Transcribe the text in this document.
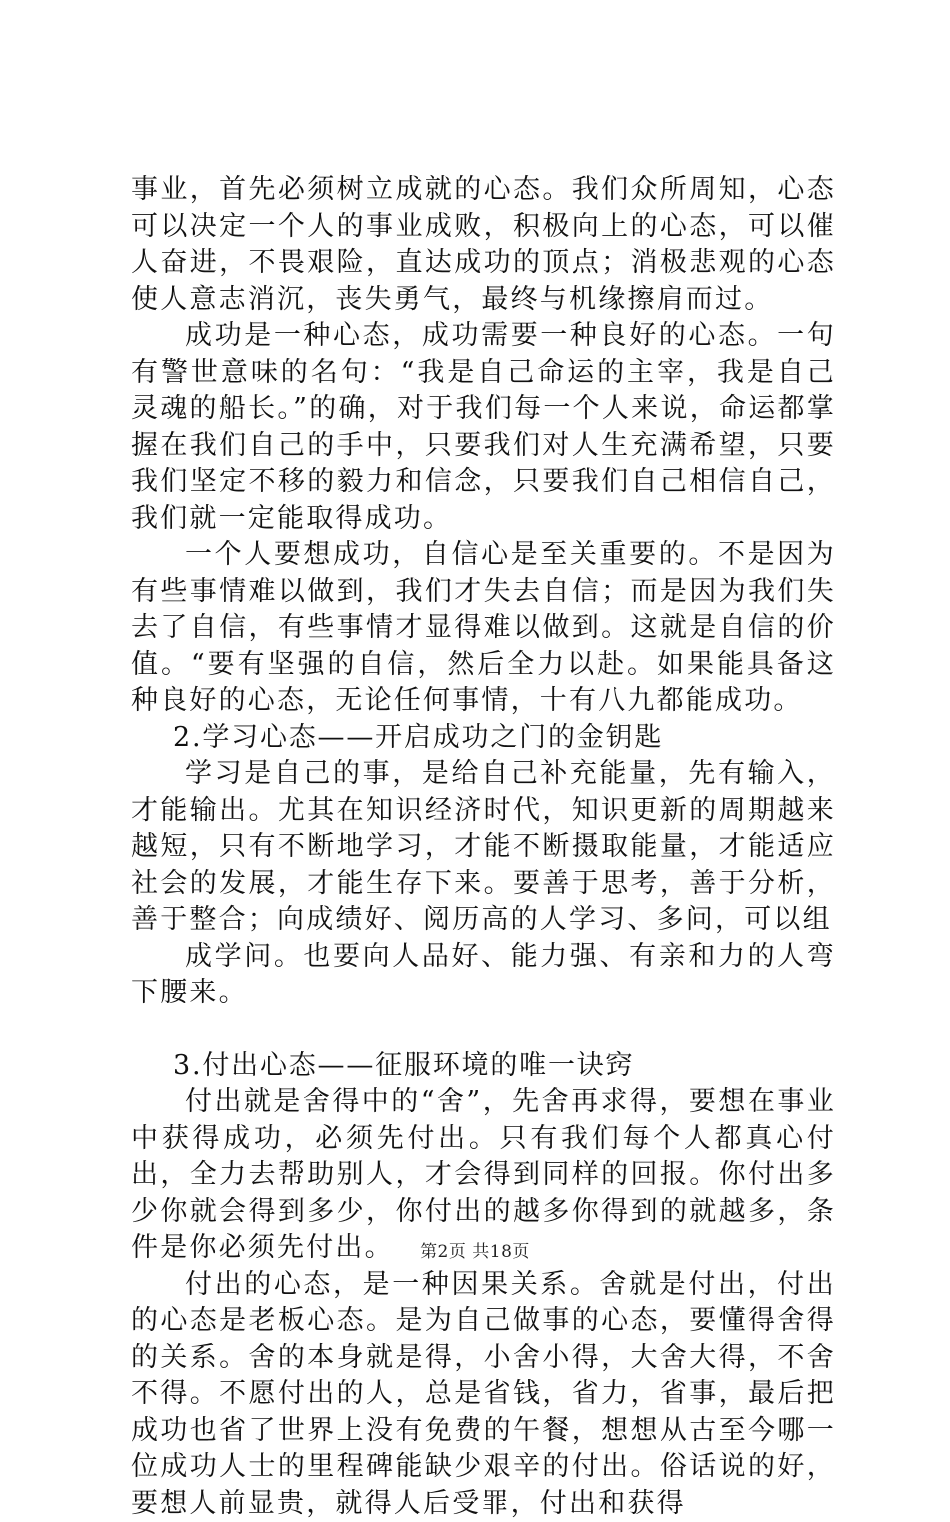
事业，首先必须树立成就的心态。我们众所周知，心态可以决定一个人的事业成败，积极向上的心态，可以催人奋进，不畏艰险，直达成功的顶点；消极悲观的心态使人意志消沉，丧失勇气，最终与机缘擦肩而过。

成功是一种心态，成功需要一种良好的心态。一句有警世意味的名句：“我是自己命运的主宰，我是自己灵魂的船长。”的确，对于我们每一个人来说，命运都掌握在我们自己的手中，只要我们对人生充满希望，只要我们坚定不移的毅力和信念，只要我们自己相信自己，我们就一定能取得成功。

一个人要想成功，自信心是至关重要的。不是因为有些事情难以做到，我们才失去自信；而是因为我们失去了自信，有些事情才显得难以做到。这就是自信的价值。“要有坚强的自信，然后全力以赴。如果能具备这种良好的心态，无论任何事情，十有八九都能成功。

2.学习心态——开启成功之门的金钥匙

学习是自己的事，是给自己补充能量，先有输入，才能输出。尤其在知识经济时代，知识更新的周期越来越短，只有不断地学习，才能不断摄取能量，才能适应社会的发展，才能生存下来。要善于思考，善于分析，善于整合；向成绩好、阅历高的人学习、多问，可以组

成学问。也要向人品好、能力强、有亲和力的人弯下腰来。

3.付出心态——征服环境的唯一诀窍

付出就是舍得中的“舍”，先舍再求得，要想在事业中获得成功，必须先付出。只有我们每个人都真心付出，全力去帮助别人，才会得到同样的回报。你付出多少你就会得到多少，你付出的越多你得到的就越多，条件是你必须先付出。

付出的心态，是一种因果关系。舍就是付出，付出的心态是老板心态。是为自己做事的心态，要懂得舍得的关系。舍的本身就是得，小舍小得，大舍大得，不舍不得。不愿付出的人，总是省钱，省力，省事，最后把成功也省了世界上没有免费的午餐，想想从古至今哪一位成功人士的里程碑能缺少艰辛的付出。俗话说的好，要想人前显贵，就得人后受罪，付出和获得

第2页 共18页
